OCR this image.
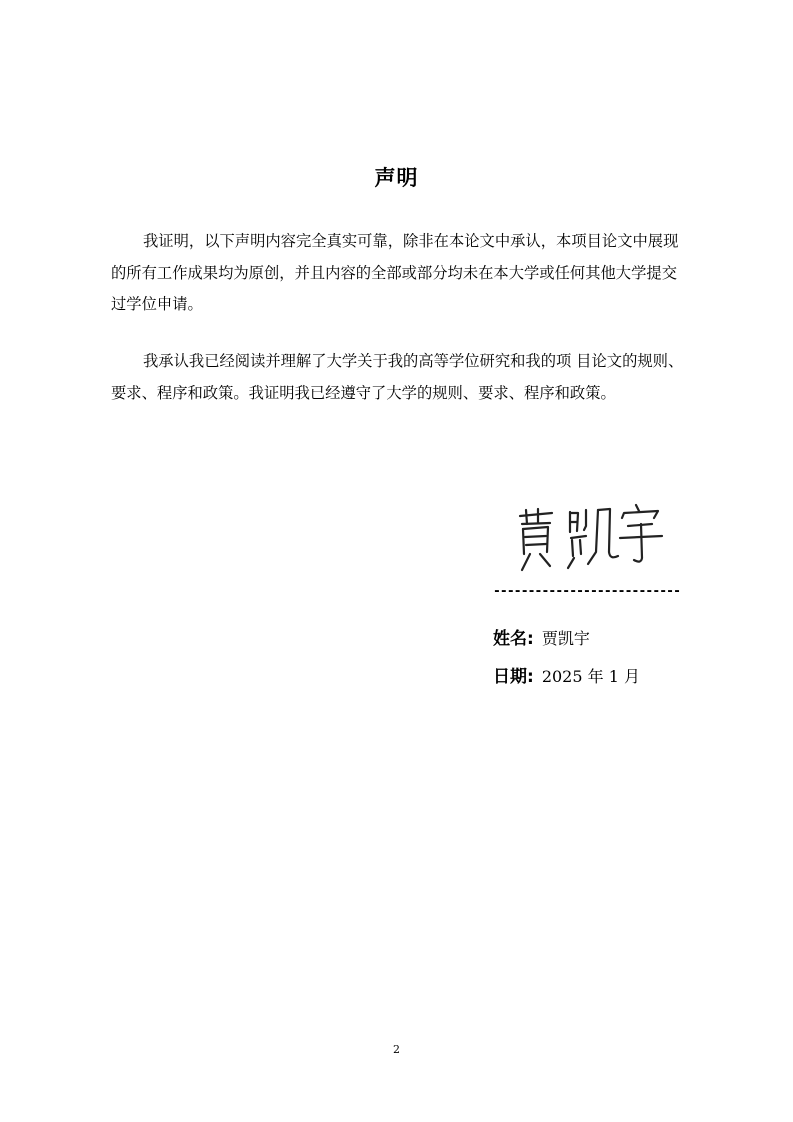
声明
我证明，以下声明内容完全真实可靠，除非在本论文中承认，本项目论文中展现
的所有工作成果均为原创，并且内容的全部或部分均未在本大学或任何其他大学提交
过学位申请。
我承认我已经阅读并理解了大学关于我的高等学位研究和我的项 目论文的规则、
要求、程序和政策。我证明我已经遵守了大学的规则、要求、程序和政策。
---------------------------
姓名: 贾凯宇
日期: 2025 年 1 月
2
